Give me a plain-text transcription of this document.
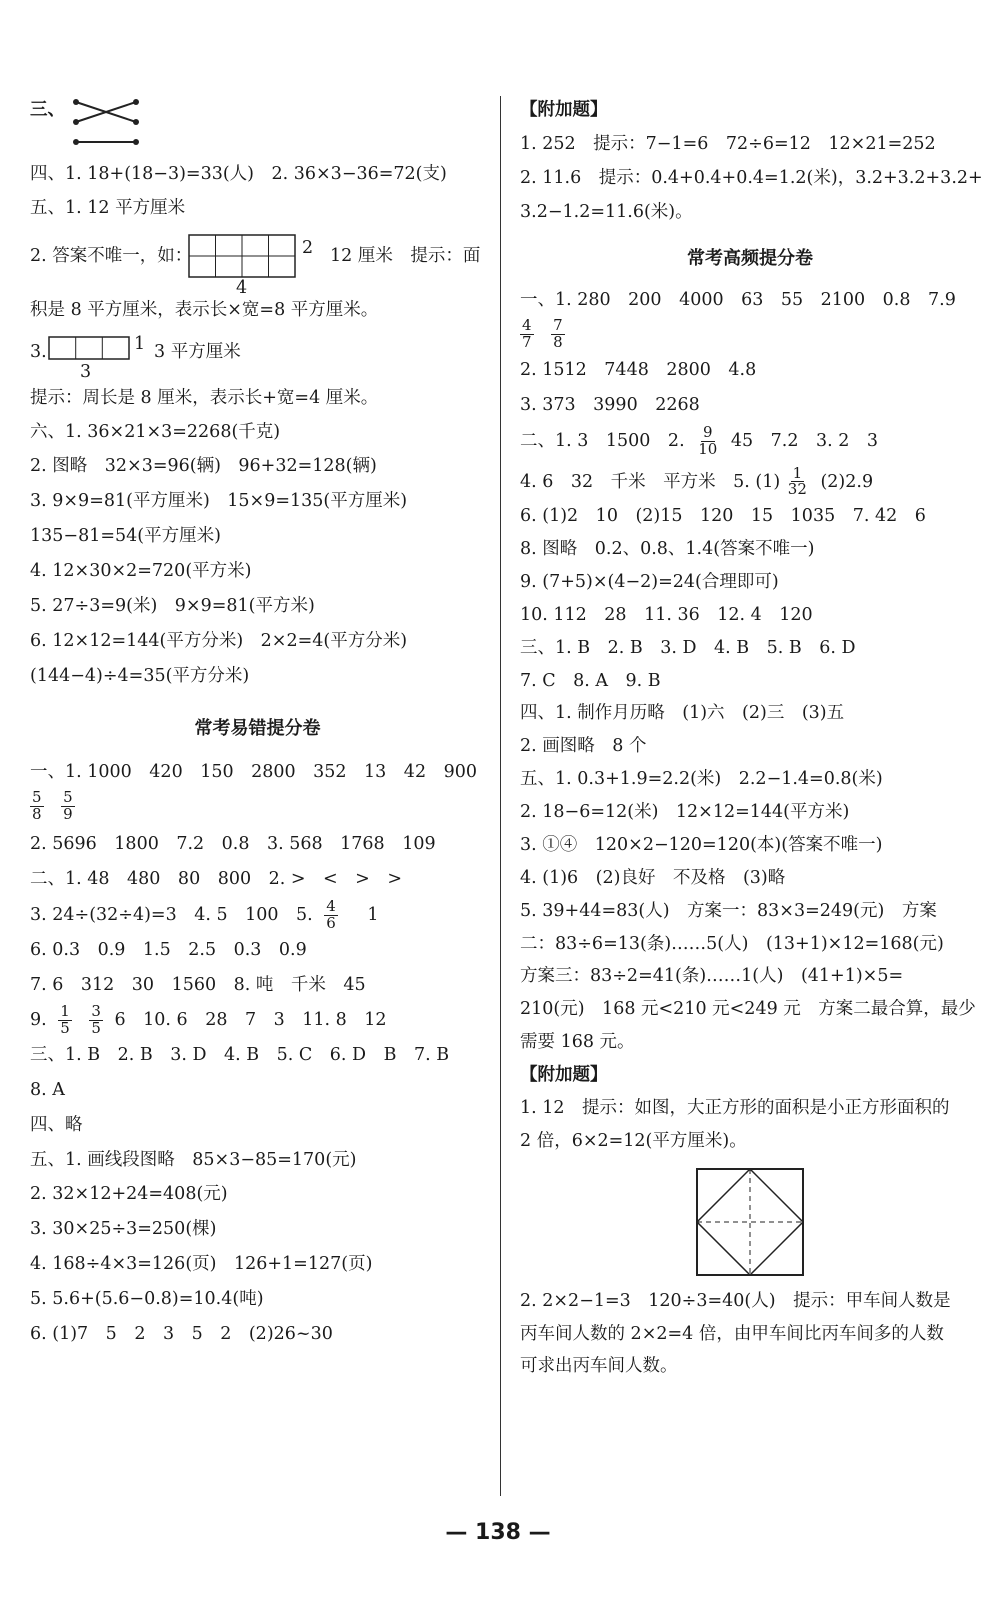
三、
四、1. 18+(18−3)=33(人)　2. 36×3−36=72(支)
五、1. 12 平方厘米
2. 答案不唯一，如：	2 12 厘米　提示：面
4
积是 8 平方厘米，表示长×宽=8 平方厘米。
3.	1 3 平方厘米
3
提示：周长是 8 厘米，表示长+宽=4 厘米。
六、1. 36×21×3=2268(千克)
2. 图略　32×3=96(辆)　96+32=128(辆)
3. 9×9=81(平方厘米)　15×9=135(平方厘米)
135−81=54(平方厘米)
4. 12×30×2=720(平方米)
5. 27÷3=9(米)　9×9=81(平方米)
6. 12×12=144(平方分米)　2×2=4(平方分米)
(144−4)÷4=35(平方分米)
常考易错提分卷
一、1. 1000　420　150　2800　352　13　42　900
$\frac{5}{8}$
$\frac{5}{9}$
2. 5696　1800　7.2　0.8　3. 568　1768　109
二、1. 48　480　80　800　2. >　<　>　>
3. 24÷(32÷4)=3　4. 5　100　5. $\frac{4}{6} 1$
6. 0.3　0.9　1.5　2.5　0.3　0.9
7. 6　312　30　1560　8. 吨　千米　45
9. $\frac{1}{5}$
$\frac{3}{5} 6$　10. 6　28　7　3　11. 8　12
三、1. B　2. B　3. D　4. B　5. C　6. D　B　7. B
8. A
四、略
五、1. 画线段图略　85×3−85=170(元)
2. 32×12+24=408(元)
3. 30×25÷3=250(棵)
4. 168÷4×3=126(页)　126+1=127(页)
5. 5.6+(5.6−0.8)=10.4(吨)
6. (1)7　5　2　3　5　2　(2)26~30
【附加题】
1. 252　提示：7−1=6　72÷6=12　12×21=252
2. 11.6　提示：0.4+0.4+0.4=1.2(米)，3.2+3.2+3.2+
3.2−1.2=11.6(米)。
常考高频提分卷
一、1. 280　200　4000　63　55　2100　0.8　7.9
$\frac{4}{7}$
$\frac{7}{8}$
2. 1512　7448　2800　4.8
3. 373　3990　2268
二、1. 3　1500　2. $\frac{9}{10} 45$　7.2　3. 2　3
4. 6　32　千米　平方米　5. $(1) \frac{1}{32} (2)2.9$
6. (1)2　10　(2)15　120　15　1035　7. 42　6
8. 图略　0.2、0.8、1.4(答案不唯一)
9. (7+5)×(4−2)=24(合理即可)
10. 112　28　11. 36　12. 4　120
三、1. B　2. B　3. D　4. B　5. B　6. D
7. C　8. A　9. B
四、1. 制作月历略　(1)六　(2)三　(3)五
2. 画图略　8 个
五、1. 0.3+1.9=2.2(米)　2.2−1.4=0.8(米)
2. 18−6=12(米)　12×12=144(平方米)
3. ①④　120×2−120=120(本)(答案不唯一)
4. (1)6　(2)良好　不及格　(3)略
5. 39+44=83(人)　方案一：83×3=249(元)　方案
二：83÷6=13(条)……5(人)　(13+1)×12=168(元)
方案三：83÷2=41(条)……1(人)　(41+1)×5=
210(元)　168 元<210 元<249 元　方案二最合算，最少
需要 168 元。
【附加题】
1. 12　提示：如图，大正方形的面积是小正方形面积的
2 倍，6×2=12(平方厘米)。
2. 2×2−1=3　120÷3=40(人)　提示：甲车间人数是
丙车间人数的 2×2=4 倍，由甲车间比丙车间多的人数
可求出丙车间人数。
— 138 —
